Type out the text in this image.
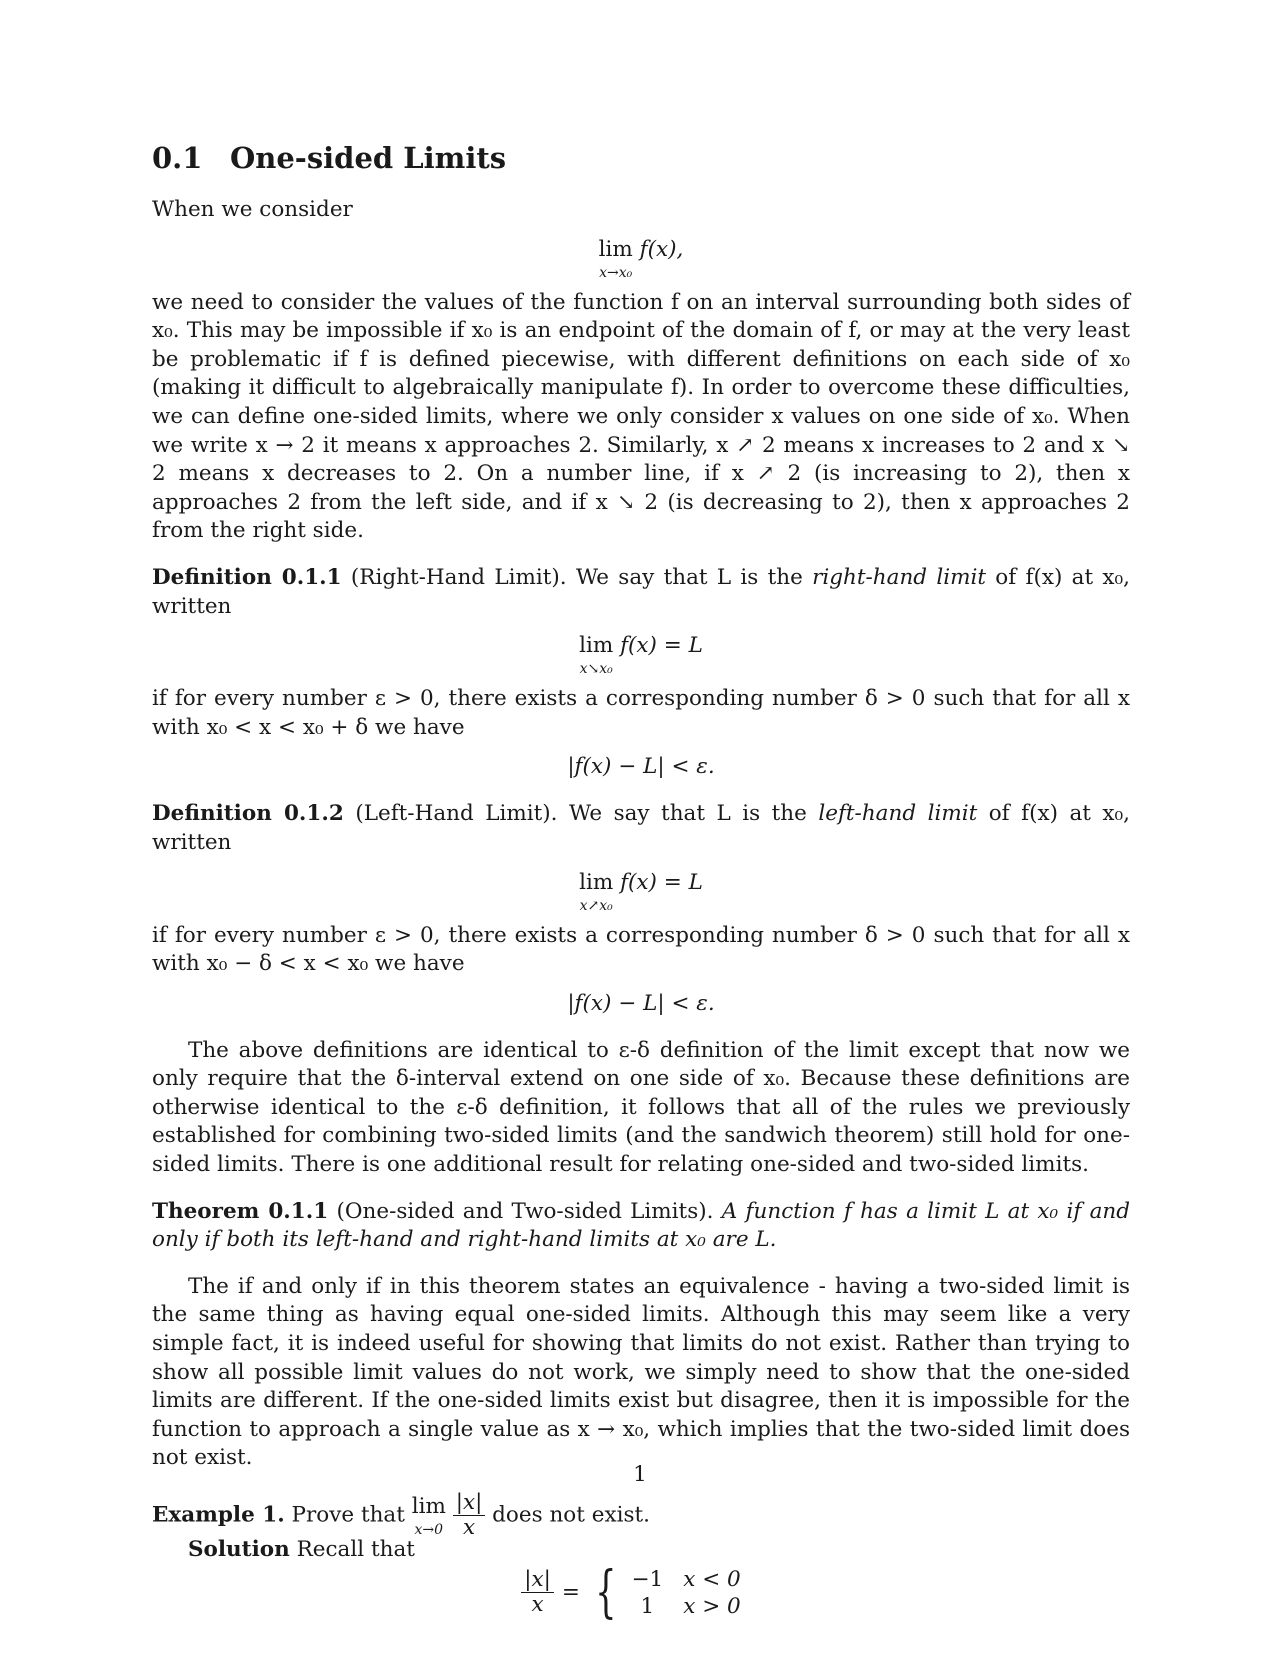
0.1 One-sided Limits

When we consider

lim
x→x₀
f(x),

we need to consider the values of the function f on an interval surrounding both sides of x₀. This may be impossible if x₀ is an endpoint of the domain of f, or may at the very least be problematic if f is defined piecewise, with different definitions on each side of x₀ (making it difficult to algebraically manipulate f). In order to overcome these difficulties, we can define one-sided limits, where we only consider x values on one side of x₀. When we write x → 2 it means x approaches 2. Similarly, x ↗ 2 means x increases to 2 and x ↘ 2 means x decreases to 2. On a number line, if x ↗ 2 (is increasing to 2), then x approaches 2 from the left side, and if x ↘ 2 (is decreasing to 2), then x approaches 2 from the right side.

Definition 0.1.1 (Right-Hand Limit). We say that L is the right-hand limit of f(x) at x₀, written

lim
x↘x₀
f(x) = L

if for every number ε > 0, there exists a corresponding number δ > 0 such that for all x with x₀ < x < x₀ + δ we have

|f(x) − L| < ε.

Definition 0.1.2 (Left-Hand Limit). We say that L is the left-hand limit of f(x) at x₀, written

lim
x↗x₀
f(x) = L

if for every number ε > 0, there exists a corresponding number δ > 0 such that for all x with x₀ − δ < x < x₀ we have

|f(x) − L| < ε.

The above definitions are identical to ε-δ definition of the limit except that now we only require that the δ-interval extend on one side of x₀. Because these definitions are otherwise identical to the ε-δ definition, it follows that all of the rules we previously established for combining two-sided limits (and the sandwich theorem) still hold for one-sided limits. There is one additional result for relating one-sided and two-sided limits.

Theorem 0.1.1 (One-sided and Two-sided Limits). A function f has a limit L at x₀ if and only if both its left-hand and right-hand limits at x₀ are L.

The if and only if in this theorem states an equivalence - having a two-sided limit is the same thing as having equal one-sided limits. Although this may seem like a very simple fact, it is indeed useful for showing that limits do not exist. Rather than trying to show all possible limit values do not work, we simply need to show that the one-sided limits are different. If the one-sided limits exist but disagree, then it is impossible for the function to approach a single value as x → x₀, which implies that the two-sided limit does not exist.

Example 1. Prove that lim
x→0
$\frac{|x|}{x}$ does not exist.

Solution Recall that

$\frac{|x|}{x}$ = { −1	x < 0
1	x > 0
1
